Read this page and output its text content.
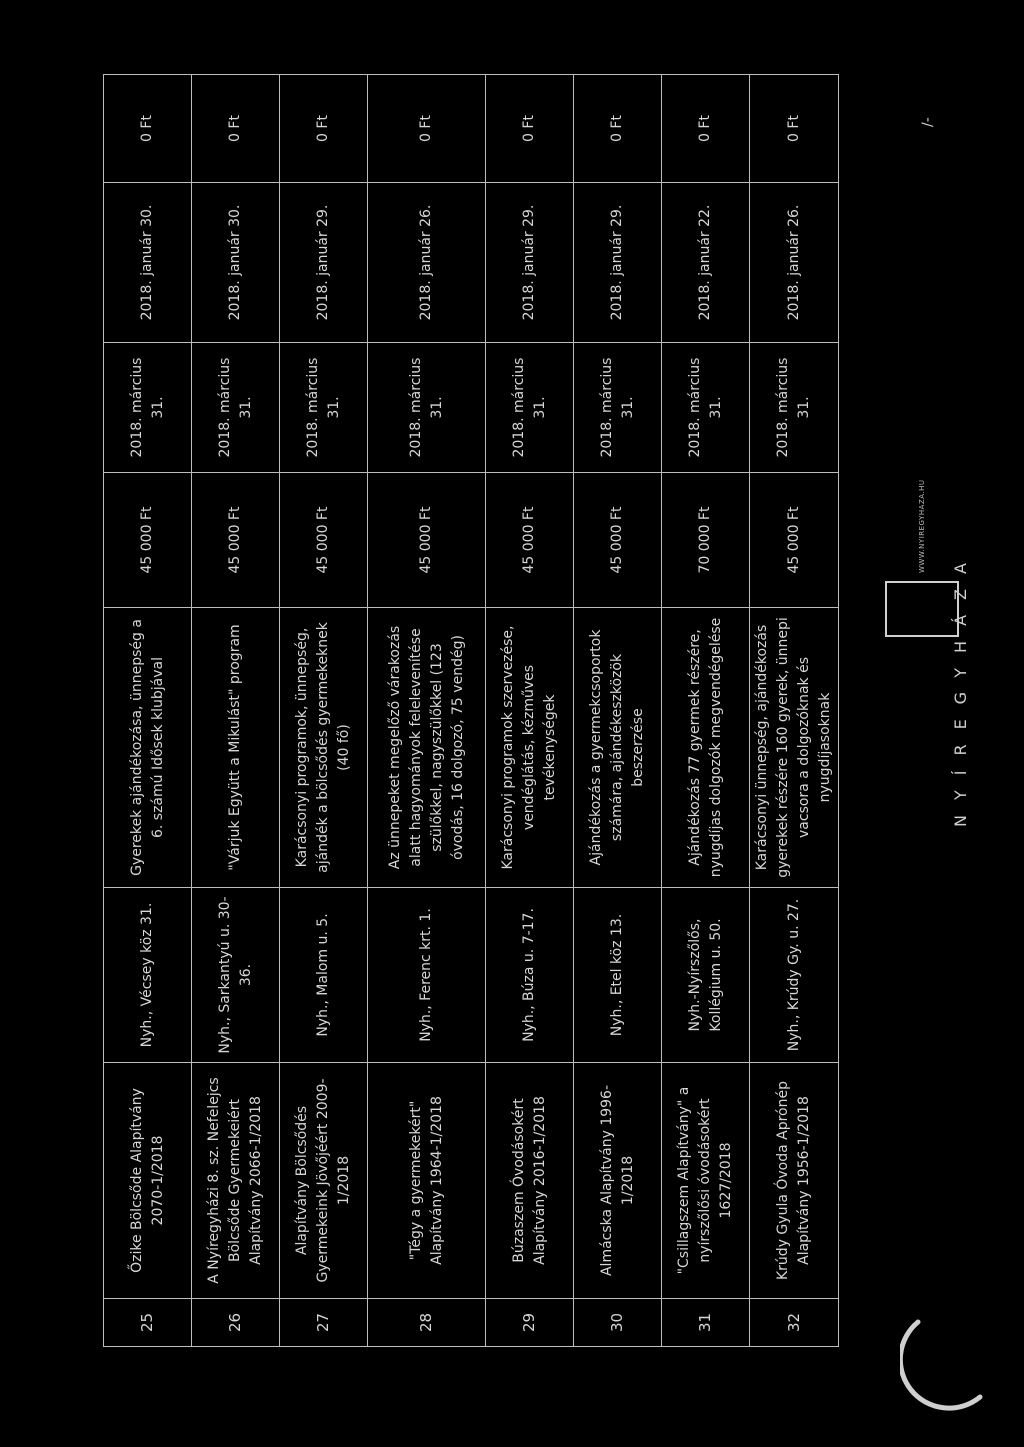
25	Őzike Bölcsőde Alapítvány 2070-1/2018	Nyh., Vécsey köz 31.	Gyerekek ajándékozása, ünnepség a 6. számú Idősek klubjával	45 000 Ft	2018. március 31.	2018. január 30.	0 Ft
26	A Nyíregyházi 8. sz. Nefelejcs Bölcsőde Gyermekeiért Alapítvány 2066-1/2018	Nyh., Sarkantyú u. 30-36.	"Várjuk Együtt a Mikulást" program	45 000 Ft	2018. március 31.	2018. január 30.	0 Ft
27	Alapítvány Bölcsődés Gyermekeink Jövőjéért 2009-1/2018	Nyh., Malom u. 5.	Karácsonyi programok, ünnepség, ajándék a bölcsődés gyermekeknek (40 fő)	45 000 Ft	2018. március 31.	2018. január 29.	0 Ft
28	"Tégy a gyermekekért" Alapítvány 1964-1/2018	Nyh., Ferenc krt. 1.	Az ünnepeket megelőző várakozás alatt hagyományok felelevenítése szülőkkel, nagyszülőkkel (123 óvodás, 16 dolgozó, 75 vendég)	45 000 Ft	2018. március 31.	2018. január 26.	0 Ft
29	Búzaszem Óvodásokért Alapítvány 2016-1/2018	Nyh., Búza u. 7-17.	Karácsonyi programok szervezése, vendéglátás, kézműves tevékenységek	45 000 Ft	2018. március 31.	2018. január 29.	0 Ft
30	Almácska Alapítvány 1996-1/2018	Nyh., Etel köz 13.	Ajándékozás a gyermekcsoportok számára, ajándékeszközök beszerzése	45 000 Ft	2018. március 31.	2018. január 29.	0 Ft
31	"Csillagszem Alapítvány" a nyírszőlősi óvodásokért 1627/2018	Nyh.-Nyírszőlős, Kollégium u. 50.	Ajándékozás 77 gyermek részére, nyugdíjas dolgozók megvendégelése	70 000 Ft	2018. március 31.	2018. január 22.	0 Ft
32	Krúdy Gyula Óvoda Aprónép Alapítvány 1956-1/2018	Nyh., Krúdy Gy. u. 27.	Karácsonyi ünnepség, ajándékozás gyerekek részére 160 gyerek, ünnepi vacsora a dolgozóknak és nyugdíjasoknak	45 000 Ft	2018. március 31.	2018. január 26.	0 Ft
NYÍREGYHÁZA
WWW.NYIREGYHAZA.HU
/-
